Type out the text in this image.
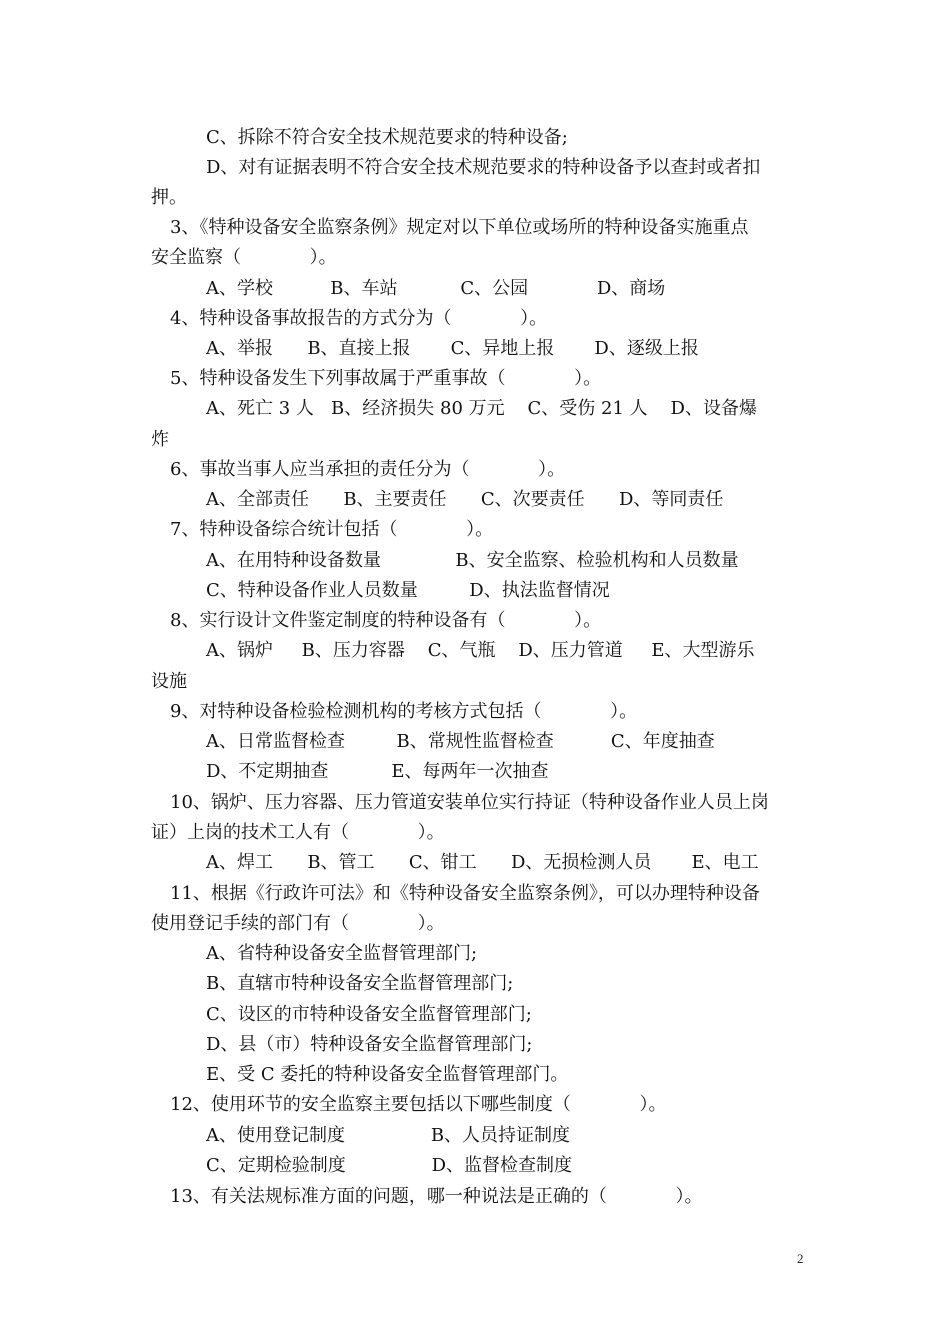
C、拆除不符合安全技术规范要求的特种设备;
D、对有证据表明不符合安全技术规范要求的特种设备予以查封或者扣
押。
3、《特种设备安全监察条例》规定对以下单位或场所的特种设备实施重点
安全监察（            ）。
A、学校          B、车站           C、公园            D、商场
4、特种设备事故报告的方式分为（            ）。
A、举报      B、直接上报       C、异地上报       D、逐级上报
5、特种设备发生下列事故属于严重事故（            ）。
A、死亡 3 人   B、经济损失 80 万元    C、受伤 21 人    D、设备爆
炸
6、事故当事人应当承担的责任分为（            ）。
A、全部责任      B、主要责任      C、次要责任      D、等同责任
7、特种设备综合统计包括（            ）。
A、在用特种设备数量             B、安全监察、检验机构和人员数量
C、特种设备作业人员数量         D、执法监督情况
8、实行设计文件鉴定制度的特种设备有（            ）。
A、锅炉     B、压力容器    C、气瓶    D、压力管道     E、大型游乐
设施
9、对特种设备检验检测机构的考核方式包括（            ）。
A、日常监督检查         B、常规性监督检查          C、年度抽查
D、不定期抽查           E、每两年一次抽查
10、锅炉、压力容器、压力管道安装单位实行持证（特种设备作业人员上岗
证）上岗的技术工人有（            ）。
A、焊工      B、管工      C、钳工      D、无损检测人员       E、电工
11、根据《行政许可法》和《特种设备安全监察条例》，可以办理特种设备
使用登记手续的部门有（            ）。
A、省特种设备安全监督管理部门;
B、直辖市特种设备安全监督管理部门;
C、设区的市特种设备安全监督管理部门;
D、县（市）特种设备安全监督管理部门;
E、受 C 委托的特种设备安全监督管理部门。
12、使用环节的安全监察主要包括以下哪些制度（            ）。
A、使用登记制度               B、人员持证制度
C、定期检验制度               D、监督检查制度
13、有关法规标准方面的问题，哪一种说法是正确的（            ）。
2
